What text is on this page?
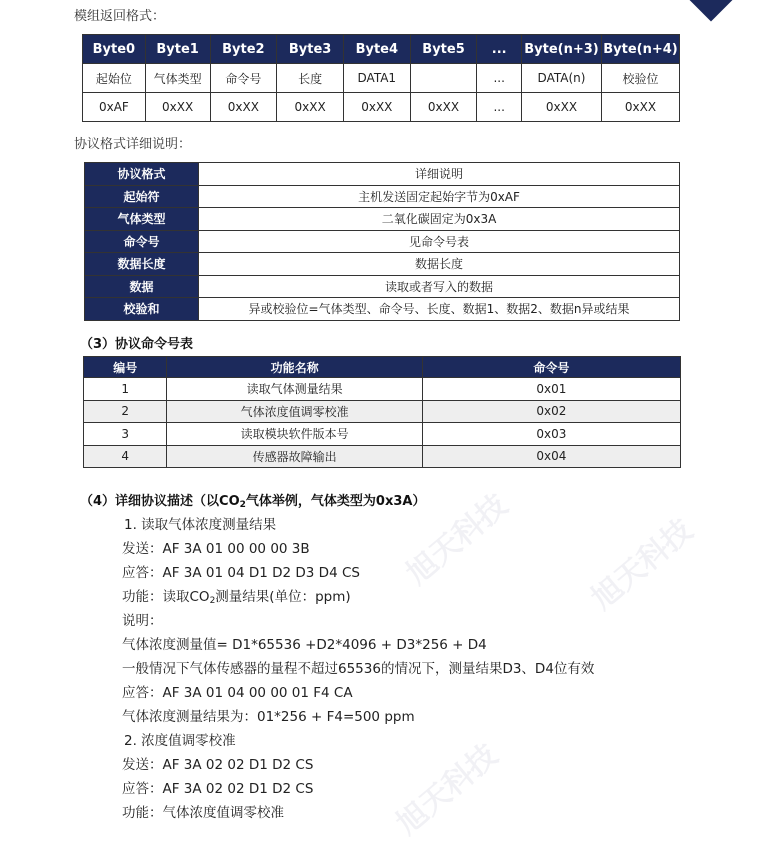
旭天科技 旭天科技
旭天科技
模组返回格式：
Byte0	Byte1	Byte2	Byte3	Byte4	Byte5	...	Byte(n+3)	Byte(n+4)
起始位	气体类型	命令号	长度	DATA1		...	DATA(n)	校验位
0xAF	0xXX	0xXX	0xXX	0xXX	0xXX	...	0xXX	0xXX
协议格式详细说明：
协议格式	详细说明
起始符	主机发送固定起始字节为0xAF
气体类型	二氧化碳固定为0x3A
命令号	见命令号表
数据长度	数据长度
数据	读取或者写入的数据
校验和	异或校验位=气体类型、命令号、长度、数据1、数据2、数据n异或结果
（3）协议命令号表
编号	功能名称	命令号
1	读取气体测量结果	0x01
2	气体浓度值调零校准	0x02
3	读取模块软件版本号	0x03
4	传感器故障输出	0x04
（4）详细协议描述（以$CO_2$气体举例，气体类型为0x3A）
1. 读取气体浓度测量结果
发送：AF 3A 01 00 00 00 3B
应答：AF 3A 01 04 D1 D2 D3 D4 CS
功能：读取$CO_2$测量结果(单位：ppm)
说明：
气体浓度测量值= D1*65536 +D2*4096 + D3*256 + D4
一般情况下气体传感器的量程不超过65536的情况下，测量结果D3、D4位有效
应答：AF 3A 01 04 00 00 01 F4 CA
气体浓度测量结果为：01*256 + F4=500 ppm
2. 浓度值调零校准
发送：AF 3A 02 02 D1 D2 CS
应答：AF 3A 02 02 D1 D2 CS
功能：气体浓度值调零校准
